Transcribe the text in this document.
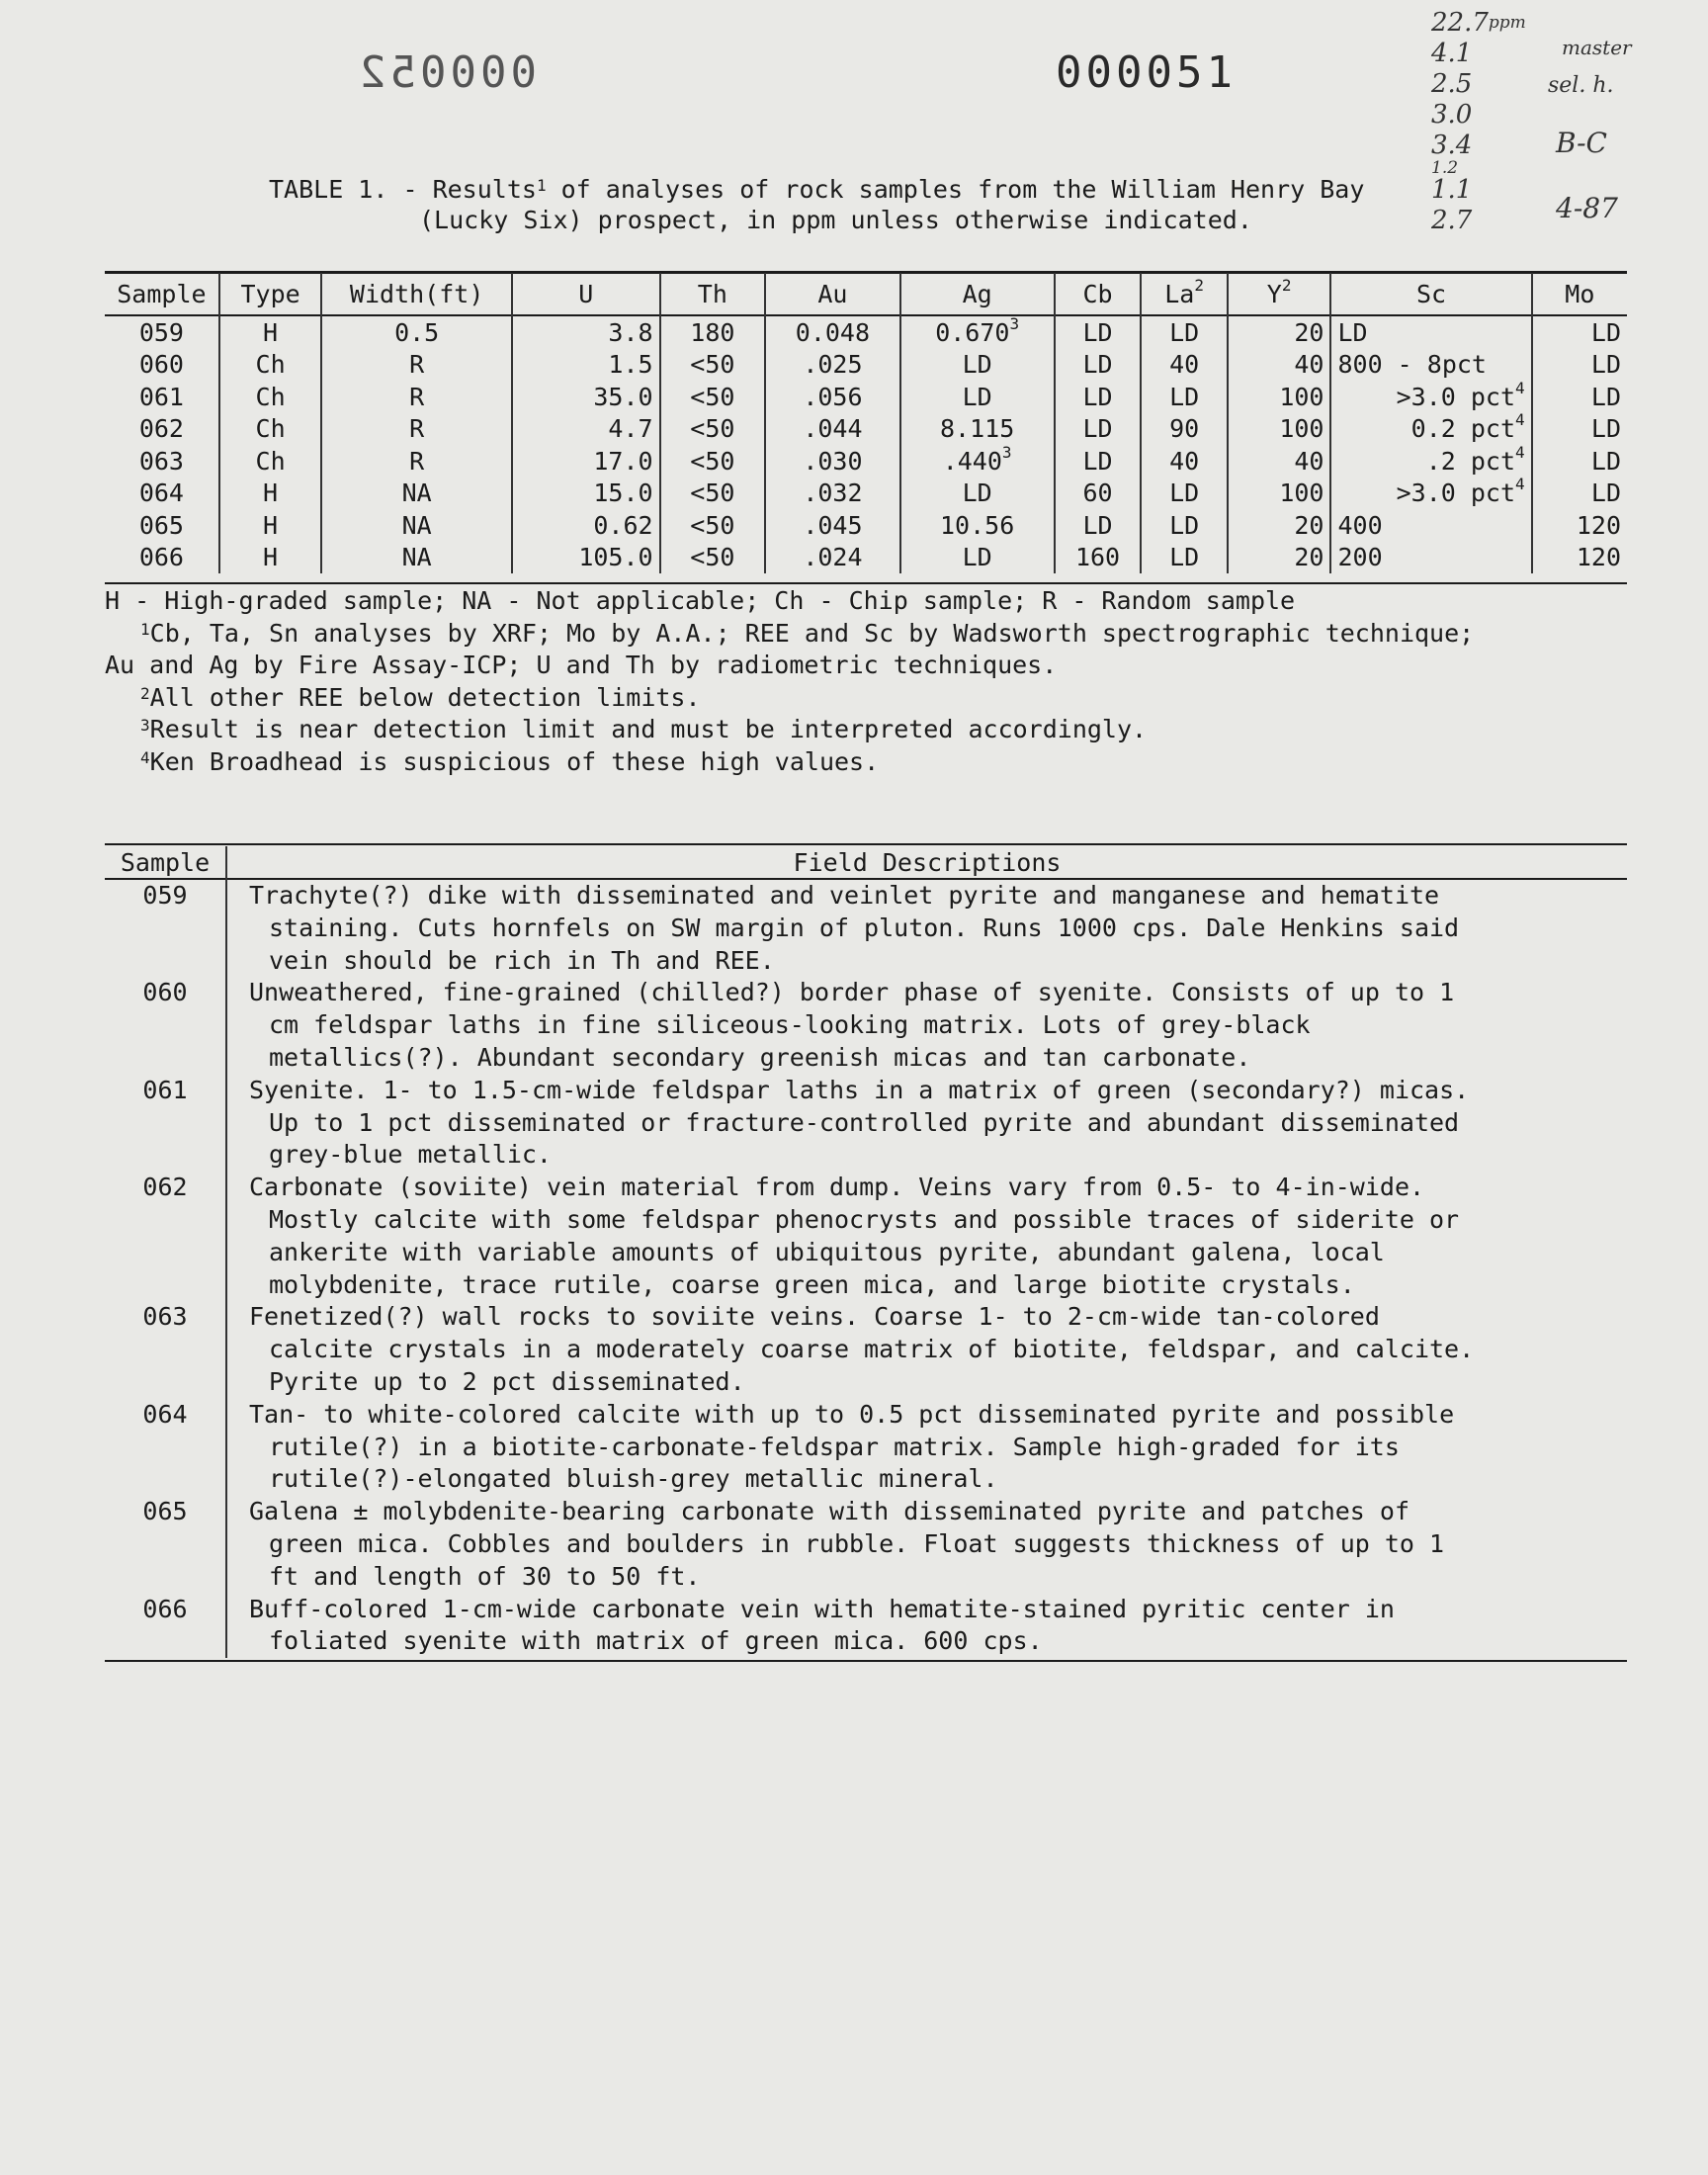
000052	000051
$22.7^{ppm}$
4.1
2.5
3.0
3.4
1.2
1.1
2.7
master
sel. h.
B-C
4-87
TABLE 1. - Results$^1$ of analyses of rock samples from the William Henry Bay
(Lucky Six) prospect, in ppm unless otherwise indicated.
Sample	Type	Width(ft)	U	Th	Au	Ag	Cb	La$^2$	$Y^2$	Sc	Mo
059	H	0.5	3.8	180	0.048	0.670$^3$	LD	LD	20	LD	LD
060	Ch	R	1.5	<50	.025	LD	LD	40	40	800 - 8pct	LD
061	Ch	R	35.0	<50	.056	LD	LD	LD	100	>3.0 pct$^4$	LD
062	Ch	R	4.7	<50	.044	8.115	LD	90	100	0.2 pct$^4$	LD
063	Ch	R	17.0	<50	.030	.440$^3$	LD	40	40	.2 pct$^4$	LD
064	H	NA	15.0	<50	.032	LD	60	LD	100	>3.0 pct$^4$	LD
065	H	NA	0.62	<50	.045	10.56	LD	LD	20	400	120
066	H	NA	105.0	<50	.024	LD	160	LD	20	200	120
H - High-graded sample; NA - Not applicable; Ch - Chip sample; R - Random sample
$^1$Cb, Ta, Sn analyses by XRF; Mo by A.A.; REE and Sc by Wadsworth spectrographic technique;
Au and Ag by Fire Assay-ICP; U and Th by radiometric techniques.
$^2$All other REE below detection limits.
$^3$Result is near detection limit and must be interpreted accordingly.
$^4$Ken Broadhead is suspicious of these high values.
Sample	Field Descriptions
059	Trachyte(?) dike with disseminated and veinlet pyrite and manganese and hematite
staining. Cuts hornfels on SW margin of pluton. Runs 1000 cps. Dale Henkins said
vein should be rich in Th and REE.

060	Unweathered, fine-grained (chilled?) border phase of syenite. Consists of up to 1
cm feldspar laths in fine siliceous-looking matrix. Lots of grey-black
metallics(?). Abundant secondary greenish micas and tan carbonate.

061	Syenite. 1- to 1.5-cm-wide feldspar laths in a matrix of green (secondary?) micas.
Up to 1 pct disseminated or fracture-controlled pyrite and abundant disseminated
grey-blue metallic.

062	Carbonate (soviite) vein material from dump. Veins vary from 0.5- to 4-in-wide.
Mostly calcite with some feldspar phenocrysts and possible traces of siderite or
ankerite with variable amounts of ubiquitous pyrite, abundant galena, local
molybdenite, trace rutile, coarse green mica, and large biotite crystals.

063	Fenetized(?) wall rocks to soviite veins. Coarse 1- to 2-cm-wide tan-colored
calcite crystals in a moderately coarse matrix of biotite, feldspar, and calcite.
Pyrite up to 2 pct disseminated.

064	Tan- to white-colored calcite with up to 0.5 pct disseminated pyrite and possible
rutile(?) in a biotite-carbonate-feldspar matrix. Sample high-graded for its
rutile(?)-elongated bluish-grey metallic mineral.

065	Galena ± molybdenite-bearing carbonate with disseminated pyrite and patches of
green mica. Cobbles and boulders in rubble. Float suggests thickness of up to 1
ft and length of 30 to 50 ft.

066	Buff-colored 1-cm-wide carbonate vein with hematite-stained pyritic center in
foliated syenite with matrix of green mica. 600 cps.
